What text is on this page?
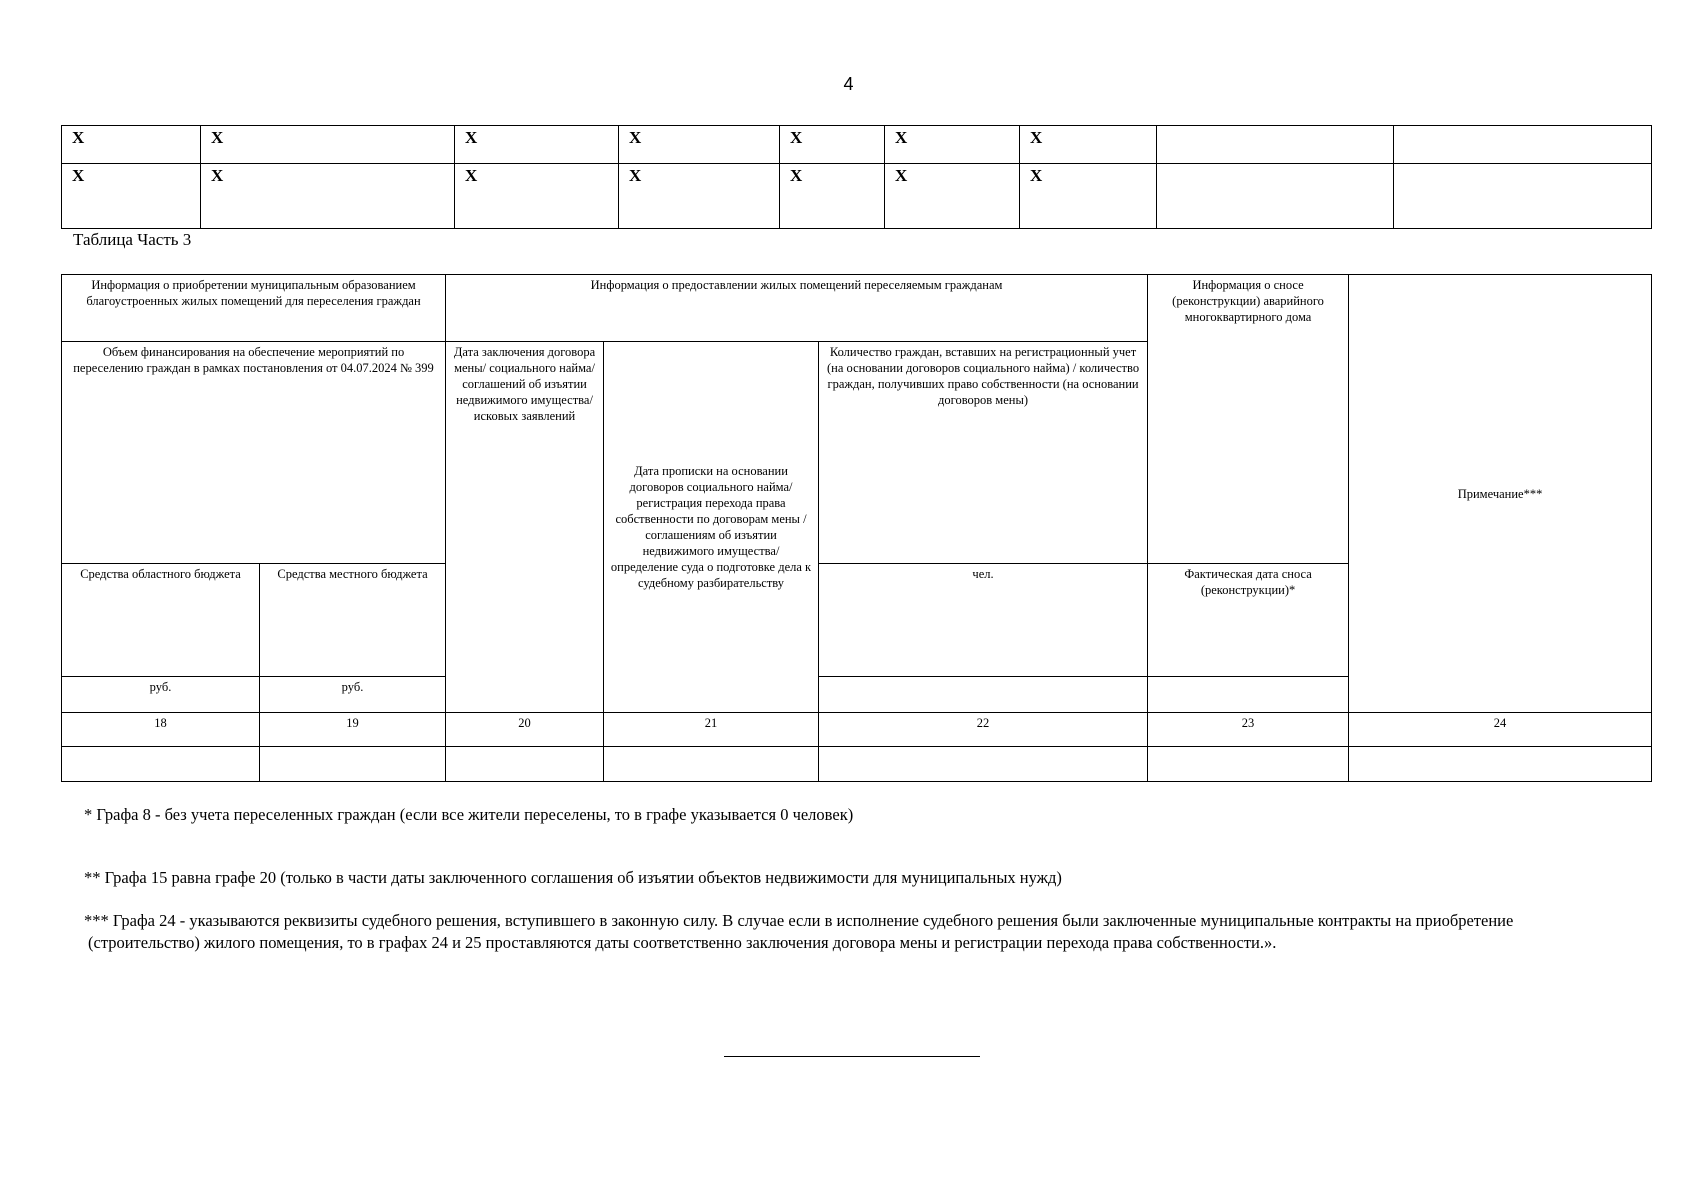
4
X	X	X	X	X	X	X		
X	X	X	X	X	X	X		
Таблица Часть 3
Информация о приобретении муниципальным образованием благоустроенных жилых помещений для переселения граждан		Информация о предоставлении жилых помещений переселяемым гражданам			Информация о сносе (реконструкции) аварийного многоквартирного дома	Примечание***
Объем финансирования на обеспечение мероприятий по переселению граждан в рамках постановления от 04.07.2024 № 399		Дата заключения договора мены/ социального найма/соглашений об изъятии недвижимого имущества/исковых заявлений	Дата прописки на основании договоров социального найма/регистрация перехода права собственности по договорам мены /соглашениям об изъятии недвижимого имущества/ определение суда о подготовке дела к судебному разбирательству	Количество граждан, вставших на регистрационный учет (на основании договоров социального найма) / количество граждан, получивших право собственности (на основании договоров мены)		
Средства областного бюджета	Средства местного бюджета			чел.	Фактическая дата сноса (реконструкции)*	
руб.	руб.					
18	19	20	21	22	23	24

* Графа 8 - без учета переселенных граждан (если все жители переселены, то в графе указывается 0 человек)
** Графа 15 равна графе 20 (только в части даты заключенного соглашения об изъятии объектов недвижимости для муниципальных нужд)
*** Графа 24 - указываются реквизиты судебного решения, вступившего в законную силу. В случае если в исполнение судебного решения были заключенные муниципальные контракты на приобретение
(строительство) жилого помещения, то в графах 24 и 25 проставляются даты соответственно заключения договора мены и регистрации перехода права собственности.».
